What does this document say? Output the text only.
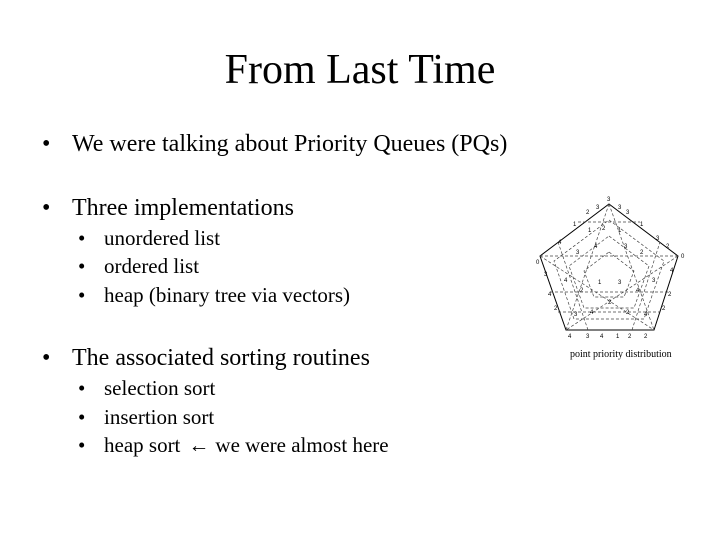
From Last Time
• We were talking about Priority Queues (PQs)
• Three implementations
• unordered list
• ordered list
• heap (binary tree via vectors)
• The associated sorting routines
• selection sort
• insertion sort
• heap sort ← we were almost here
3
3	3
3
2
1	1
4
3
2
0
0
3
4
4	2
2	2
4 3 4 1 2 2
1 2 1
3	2
4	3
4	3
2	4
1	3
3	4
4	2
2
point priority distribution
